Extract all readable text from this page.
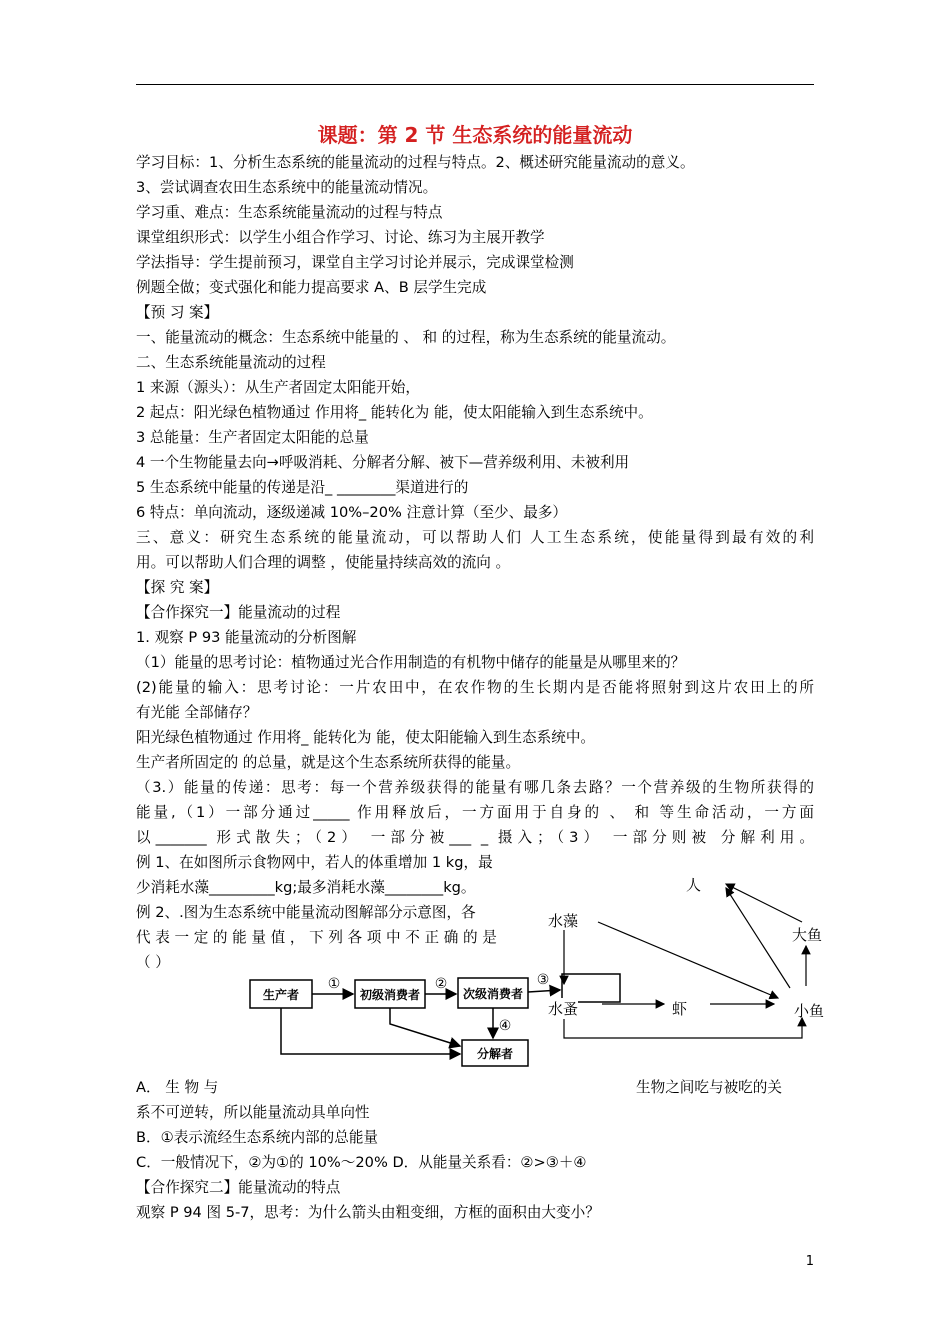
课题：第 2 节 生态系统的能量流动
学习目标：1、分析生态系统的能量流动的过程与特点。2、概述研究能量流动的意义。
3、尝试调查农田生态系统中的能量流动情况。
学习重、难点：生态系统能量流动的过程与特点
课堂组织形式：以学生小组合作学习、讨论、练习为主展开教学
学法指导：学生提前预习，课堂自主学习讨论并展示，完成课堂检测
例题全做；变式强化和能力提高要求 A、B 层学生完成
【预 习 案】
一、能量流动的概念：生态系统中能量的 、 和 的过程，称为生态系统的能量流动。
二、生态系统能量流动的过程
1 来源（源头）：从生产者固定太阳能开始，
2 起点：阳光绿色植物通过 作用将_ 能转化为 能，使太阳能输入到生态系统中。
3 总能量：生产者固定太阳能的总量
4 一个生物能量去向→呼吸消耗、分解者分解、被下—营养级利用、未被利用
5 生态系统中能量的传递是沿_ ________渠道进行的
6 特点：单向流动，逐级递减 10%–20% 注意计算（至少、最多）
三、意义：研究生态系统的能量流动，可以帮助人们 人工生态系统，使能量得到最有效的利
用。可以帮助人们合理的调整 ，使能量持续高效的流向 。
【探 究 案】
【合作探究一】能量流动的过程
1. 观察 P 93 能量流动的分析图解
（1）能量的思考讨论：植物通过光合作用制造的有机物中储存的能量是从哪里来的？
(2)能量的输入：思考讨论：一片农田中，在农作物的生长期内是否能将照射到这片农田上的所
有光能 全部储存？
阳光绿色植物通过 作用将_ 能转化为 能，使太阳能输入到生态系统中。
生产者所固定的 的总量，就是这个生态系统所获得的能量。
（3.）能量的传递：思考：每一个营养级获得的能量有哪几条去路？一个营养级的生物所获得的
能量,（1）一部分通过_____ 作用释放后，一方面用于自身的 、 和 等生命活动，一方面
以_______ 形式散失；（2） 一部分被___ _ 摄入；（3） 一部分则被 分解利用。
例 1、在如图所示食物网中，若人的体重增加 1 kg，最
少消耗水藻_________kg;最多消耗水藻________kg。
例 2、.图为生态系统中能量流动图解部分示意图，各
代 表 一 定 的 能 量 值 ， 下 列 各 项 中 不 正 确 的 是
（ ）
A． 生 物 与
系不可逆转，所以能量流动具单向性
B．①表示流经生态系统内部的总能量
C．一般情况下，②为①的 10%～20% D．从能量关系看：②>③＋④
【合作探究二】能量流动的特点
观察 P 94 图 5-7，思考：为什么箭头由粗变细，方框的面积由大变小？
生物之间吃与被吃的关
生产者	初级消费者	次级消费者
分解者
①	②	③
④
人
水藻
大鱼
水蚤	虾	小鱼
1
